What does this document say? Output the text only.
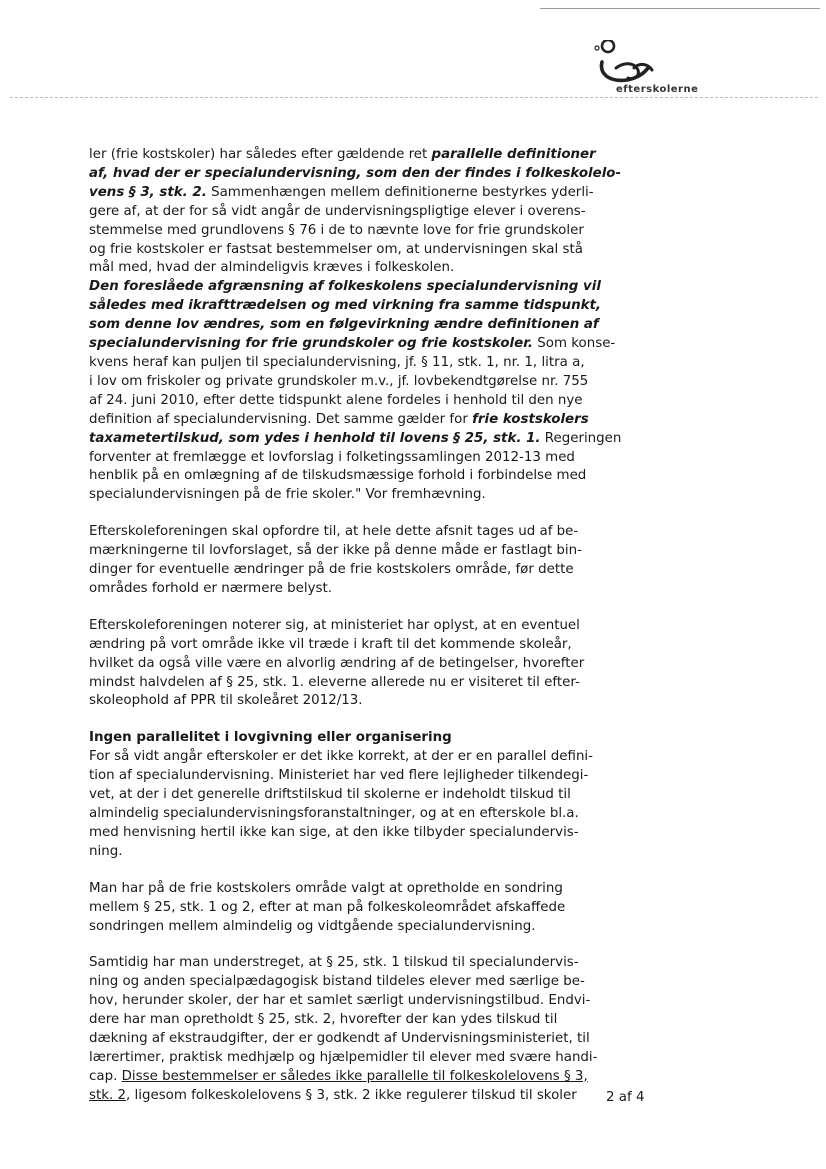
efterskolerne

ler (frie kostskoler) har således efter gældende ret parallelle definitioner
af, hvad der er specialundervisning, som den der findes i folkeskolelo-
vens § 3, stk. 2. Sammenhængen mellem definitionerne bestyrkes yderli-
gere af, at der for så vidt angår de undervisningspligtige elever i overens-
stemmelse med grundlovens § 76 i de to nævnte love for frie grundskoler
og frie kostskoler er fastsat bestemmelser om, at undervisningen skal stå
mål med, hvad der almindeligvis kræves i folkeskolen.
Den foreslåede afgrænsning af folkeskolens specialundervisning vil
således med ikrafttrædelsen og med virkning fra samme tidspunkt,
som denne lov ændres, som en følgevirkning ændre definitionen af
specialundervisning for frie grundskoler og frie kostskoler. Som konse-
kvens heraf kan puljen til specialundervisning, jf. § 11, stk. 1, nr. 1, litra a,
i lov om friskoler og private grundskoler m.v., jf. lovbekendtgørelse nr. 755
af 24. juni 2010, efter dette tidspunkt alene fordeles i henhold til den nye
definition af specialundervisning. Det samme gælder for frie kostskolers
taxametertilskud, som ydes i henhold til lovens § 25, stk. 1. Regeringen
forventer at fremlægge et lovforslag i folketingssamlingen 2012-13 med
henblik på en omlægning af de tilskudsmæssige forhold i forbindelse med
specialundervisningen på de frie skoler." Vor fremhævning.

Efterskoleforeningen skal opfordre til, at hele dette afsnit tages ud af be-
mærkningerne til lovforslaget, så der ikke på denne måde er fastlagt bin-
dinger for eventuelle ændringer på de frie kostskolers område, før dette
områdes forhold er nærmere belyst.

Efterskoleforeningen noterer sig, at ministeriet har oplyst, at en eventuel
ændring på vort område ikke vil træde i kraft til det kommende skoleår,
hvilket da også ville være en alvorlig ændring af de betingelser, hvorefter
mindst halvdelen af § 25, stk. 1. eleverne allerede nu er visiteret til efter-
skoleophold af PPR til skoleåret 2012/13.

Ingen parallelitet i lovgivning eller organisering
For så vidt angår efterskoler er det ikke korrekt, at der er en parallel defini-
tion af specialundervisning. Ministeriet har ved flere lejligheder tilkendegi-
vet, at der i det generelle driftstilskud til skolerne er indeholdt tilskud til
almindelig specialundervisningsforanstaltninger, og at en efterskole bl.a.
med henvisning hertil ikke kan sige, at den ikke tilbyder specialundervis-
ning.

Man har på de frie kostskolers område valgt at opretholde en sondring
mellem § 25, stk. 1 og 2, efter at man på folkeskoleområdet afskaffede
sondringen mellem almindelig og vidtgående specialundervisning.

Samtidig har man understreget, at § 25, stk. 1 tilskud til specialundervis-
ning og anden specialpædagogisk bistand tildeles elever med særlige be-
hov, herunder skoler, der har et samlet særligt undervisningstilbud. Endvi-
dere har man opretholdt § 25, stk. 2, hvorefter der kan ydes tilskud til
dækning af ekstraudgifter, der er godkendt af Undervisningsministeriet, til
lærertimer, praktisk medhjælp og hjælpemidler til elever med svære handi-
cap. Disse bestemmelser er således ikke parallelle til folkeskolelovens § 3,
stk. 2, ligesom folkeskolelovens § 3, stk. 2 ikke regulerer tilskud til skoler	2 af 4
